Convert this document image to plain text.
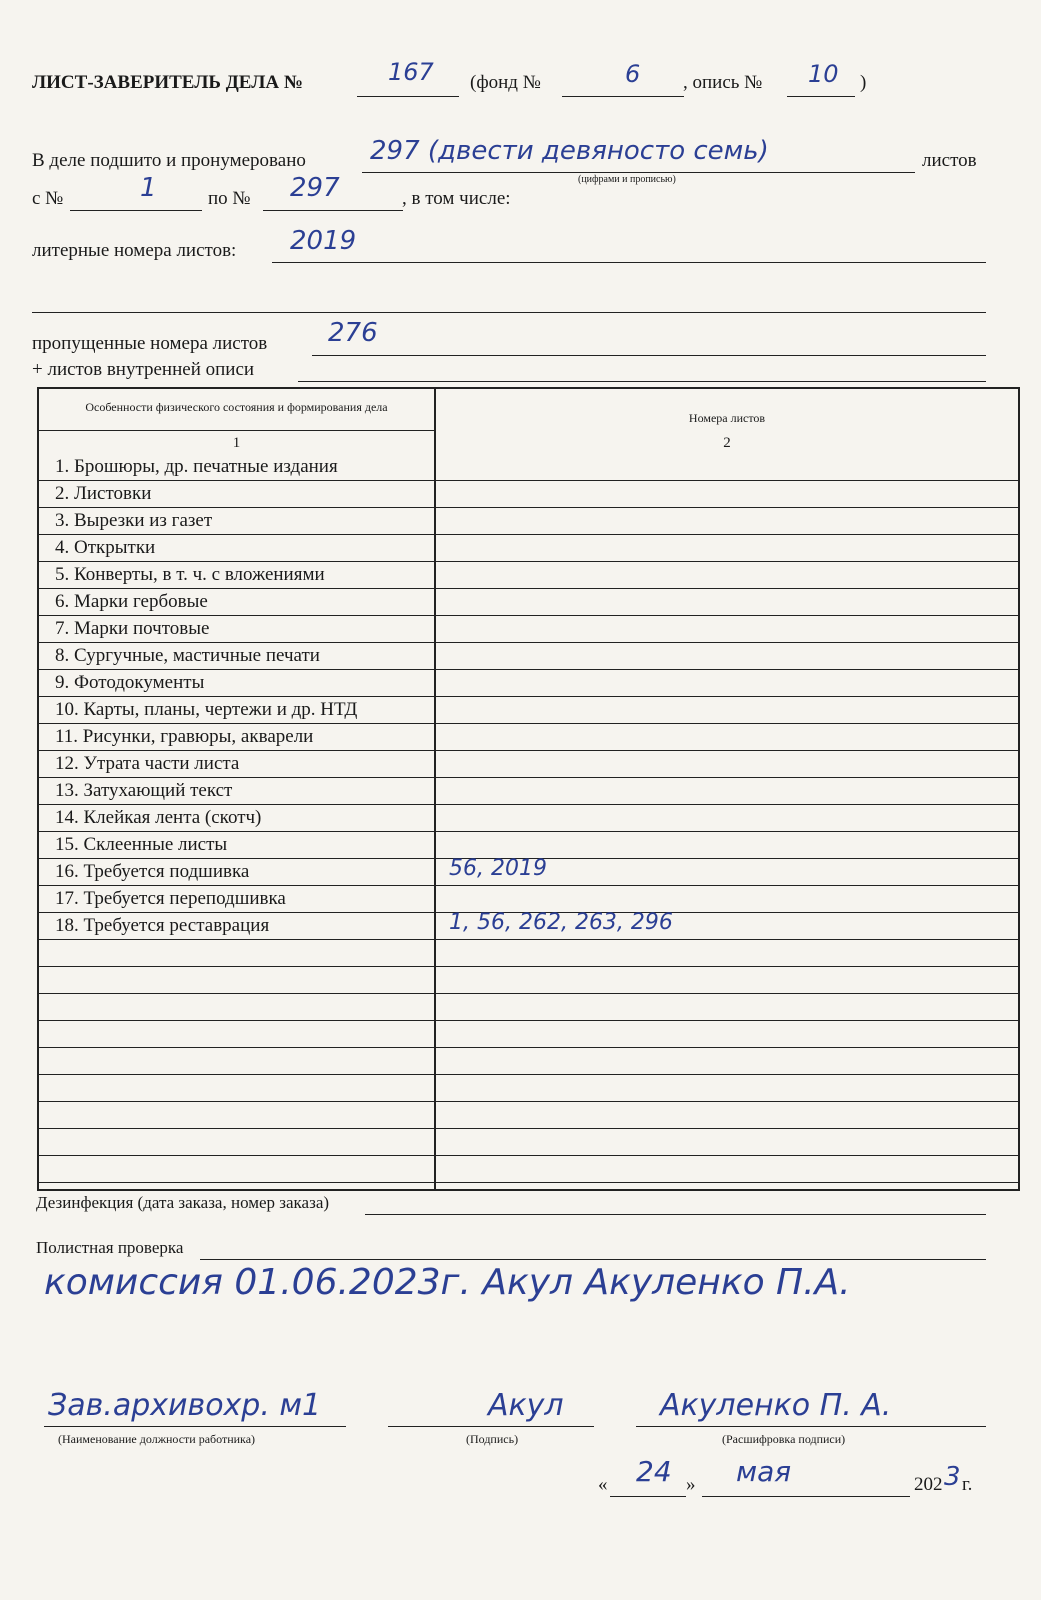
ЛИСТ-ЗАВЕРИТЕЛЬ ДЕЛА №	167 (фонд №	6 , опись № 10 )
В деле подшито и пронумеровано 297 (двести девяносто семь)	листов
(цифрами и прописью)
с №	1	по № 297	, в том числе:
литерные номера листов: 2019
пропущенные номера листов 276
+ листов внутренней описи
Особенности физического состояния и формирования дела
Номера листов
1	2
1. Брошюры, др. печатные издания
2. Листовки
3. Вырезки из газет
4. Открытки
5. Конверты, в т. ч. с вложениями
6. Марки гербовые
7. Марки почтовые
8. Сургучные, мастичные печати
9. Фотодокументы
10. Карты, планы, чертежи и др. НТД
11. Рисунки, гравюры, акварели
12. Утрата части листа
13. Затухающий текст
14. Клейкая лента (скотч)
15. Склеенные листы
16. Требуется подшивка	56, 2019
17. Требуется переподшивка
18. Требуется реставрация	1, 56, 262, 263, 296
Дезинфекция (дата заказа, номер заказа)
Полистная проверка
комиссия 01.06.2023г. Акул Акуленко П.А.
Зав.архивохр. м1
(Наименование должности работника)
Акул
(Подпись)
Акуленко П. А.
(Расшифровка подписи)
« 24 » мая	202 3 г.
